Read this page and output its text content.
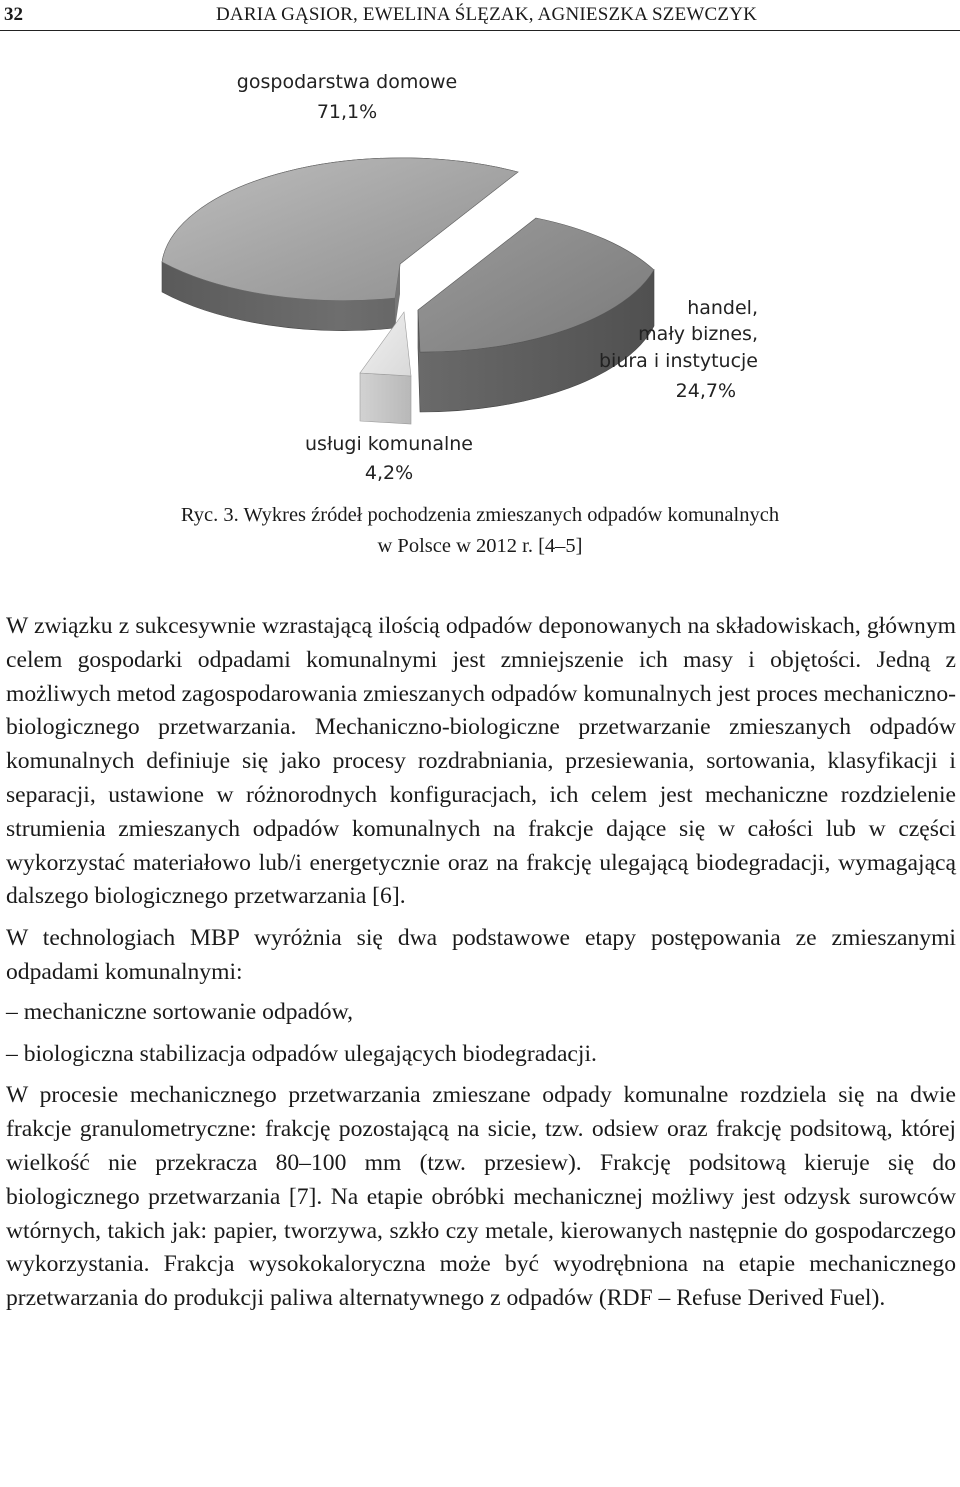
32	DARIA GĄSIOR, EWELINA ŚLĘZAK, AGNIESZKA SZEWCZYK
gospodarstwa domowe
71,1%
handel,
mały biznes,
biura i instytucje
24,7%
usługi komunalne
4,2%
Ryc. 3. Wykres źródeł pochodzenia zmieszanych odpadów komunalnych
w Polsce w 2012 r. [4–5]

W związku z sukcesywnie wzrastającą ilością odpadów deponowanych na składowiskach, głównym celem gospodarki odpadami komunalnymi jest zmniejszenie ich masy i objętości. Jedną z możliwych metod zagospodarowania zmieszanych odpadów komunalnych jest proces mechaniczno-biologicznego przetwarzania. Mechaniczno-biologiczne przetwarzanie zmieszanych odpadów komunalnych definiuje się jako procesy rozdrabniania, przesiewania, sortowania, klasyfikacji i separacji, ustawione w różnorodnych konfiguracjach, ich celem jest mechaniczne rozdzielenie strumienia zmieszanych odpadów komunalnych na frakcje dające się w całości lub w części wykorzystać materiałowo lub/i energetycznie oraz na frakcję ulegającą biodegradacji, wymagającą dalszego biologicznego przetwarzania [6].

W technologiach MBP wyróżnia się dwa podstawowe etapy postępowania ze zmieszanymi odpadami komunalnymi:

– mechaniczne sortowanie odpadów,

– biologiczna stabilizacja odpadów ulegających biodegradacji.

W procesie mechanicznego przetwarzania zmieszane odpady komunalne rozdziela się na dwie frakcje granulometryczne: frakcję pozostającą na sicie, tzw. odsiew oraz frakcję podsitową, której wielkość nie przekracza 80–100 mm (tzw. przesiew). Frakcję podsitową kieruje się do biologicznego przetwarzania [7]. Na etapie obróbki mechanicznej możliwy jest odzysk surowców wtórnych, takich jak: papier, tworzywa, szkło czy metale, kierowanych następnie do gospodarczego wykorzystania. Frakcja wysokokaloryczna może być wyodrębniona na etapie mechanicznego przetwarzania do produkcji paliwa alternatywnego z odpadów (RDF – Refuse Derived Fuel).
